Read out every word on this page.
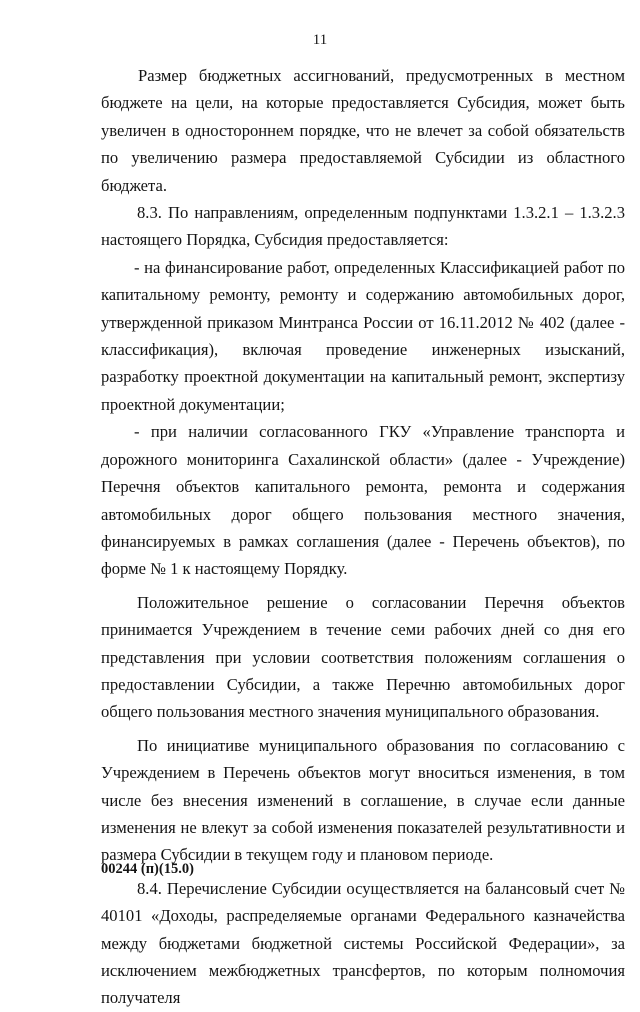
11

Размер бюджетных ассигнований, предусмотренных в местном бюджете на цели, на которые предоставляется Субсидия, может быть увеличен в одностороннем порядке, что не влечет за собой обязательств по увеличению размера предоставляемой Субсидии из областного бюджета.

8.3. По направлениям, определенным подпунктами 1.3.2.1 – 1.3.2.3 настоящего Порядка, Субсидия предоставляется:

- на финансирование работ, определенных Классификацией работ по капитальному ремонту, ремонту и содержанию автомобильных дорог, утвержденной приказом Минтранса России от 16.11.2012 № 402 (далее - классификация), включая проведение инженерных изысканий, разработку проектной документации на капитальный ремонт, экспертизу проектной документации;

- при наличии согласованного ГКУ «Управление транспорта и дорожного мониторинга Сахалинской области» (далее - Учреждение) Перечня объектов капитального ремонта, ремонта и содержания автомобильных дорог общего пользования местного значения, финансируемых в рамках соглашения (далее - Перечень объектов), по форме № 1 к настоящему Порядку.

Положительное решение о согласовании Перечня объектов принимается Учреждением в течение семи рабочих дней со дня его представления при условии соответствия положениям соглашения о предоставлении Субсидии, а также Перечню автомобильных дорог общего пользования местного значения муниципального образования.

По инициативе муниципального образования по согласованию с Учреждением в Перечень объектов могут вноситься изменения, в том числе без внесения изменений в соглашение, в случае если данные изменения не влекут за собой изменения показателей результативности и размера Субсидии в текущем году и плановом периоде.

8.4. Перечисление Субсидии осуществляется на балансовый счет № 40101 «Доходы, распределяемые органами Федерального казначейства между бюджетами бюджетной системы Российской Федерации», за исключением межбюджетных трансфертов, по которым полномочия получателя

00244 (п)(15.0)
